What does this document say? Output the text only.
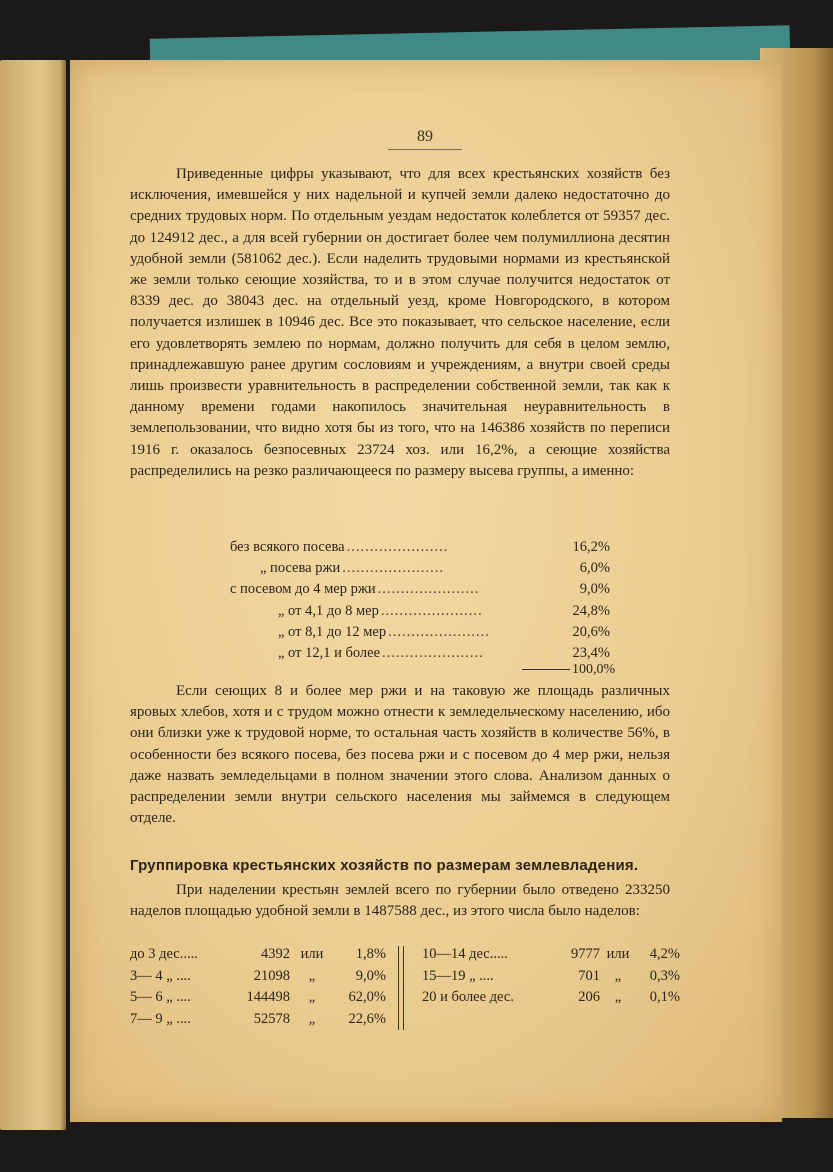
89

Приведенные цифры указывают, что для всех крестьянских хозяйств без исключения, имевшейся у них надельной и купчей земли далеко недостаточно до средних трудовых норм. По отдельным уездам недостаток колеблется от 59357 дес. до 124912 дес., а для всей губернии он достигает более чем полумиллиона десятин удобной земли (581062 дес.). Если наделить трудовыми нормами из крестьянской же земли только сеющие хозяйства, то и в этом случае получится недостаток от 8339 дес. до 38043 дес. на отдельный уезд, кроме Новгородского, в котором получается излишек в 10946 дес. Все это показывает, что сельское население, если его удовлетворять землею по нормам, должно получить для себя в целом землю, принадлежавшую ранее другим сословиям и учреждениям, а внутри своей среды лишь произвести уравнительность в распределении собственной земли, так как к данному времени годами накопилось значительная неуравнительность в землепользовании, что видно хотя бы из того, что на 146386 хозяйств по переписи 1916 г. оказалось безпосевных 23724 хоз. или 16,2%, а сеющие хозяйства распределились на резко различающееся по размеру высева группы, а именно:

без всякого посева ......................	16,2%
„ посева ржи ......................	6,0%
с посевом до 4 мер ржи ......................	9,0%
„ от 4,1 до 8 мер ......................	24,8%
„ от 8,1 до 12 мер ......................	20,6%
„ от 12,1 и более ......................	23,4%
100,0%

Если сеющих 8 и более мер ржи и на таковую же площадь различных яровых хлебов, хотя и с трудом можно отнести к земледельческому населению, ибо они близки уже к трудовой норме, то остальная часть хозяйств в количестве 56%, в особенности без всякого посева, без посева ржи и с посевом до 4 мер ржи, нельзя даже назвать земледельцами в полном значении этого слова. Анализом данных о распределении земли внутри сельского населения мы займемся в следующем отделе.

Группировка крестьянских хозяйств по размерам землевладения.

При наделении крестьян землей всего по губернии было отведено 233250 наделов площадью удобной земли в 1487588 дес., из этого числа было наделов:

до 3 дес.....	4392 или	1,8%
3— 4 „ ....	21098	„	9,0%
5— 6 „ ....	144498	„	62,0%
7— 9 „ ....	52578	„	22,6%
10—14 дес.....	9777 или	4,2%
15—19 „ ....	701	„	0,3%
20 и более дес.	206	„	0,1%
